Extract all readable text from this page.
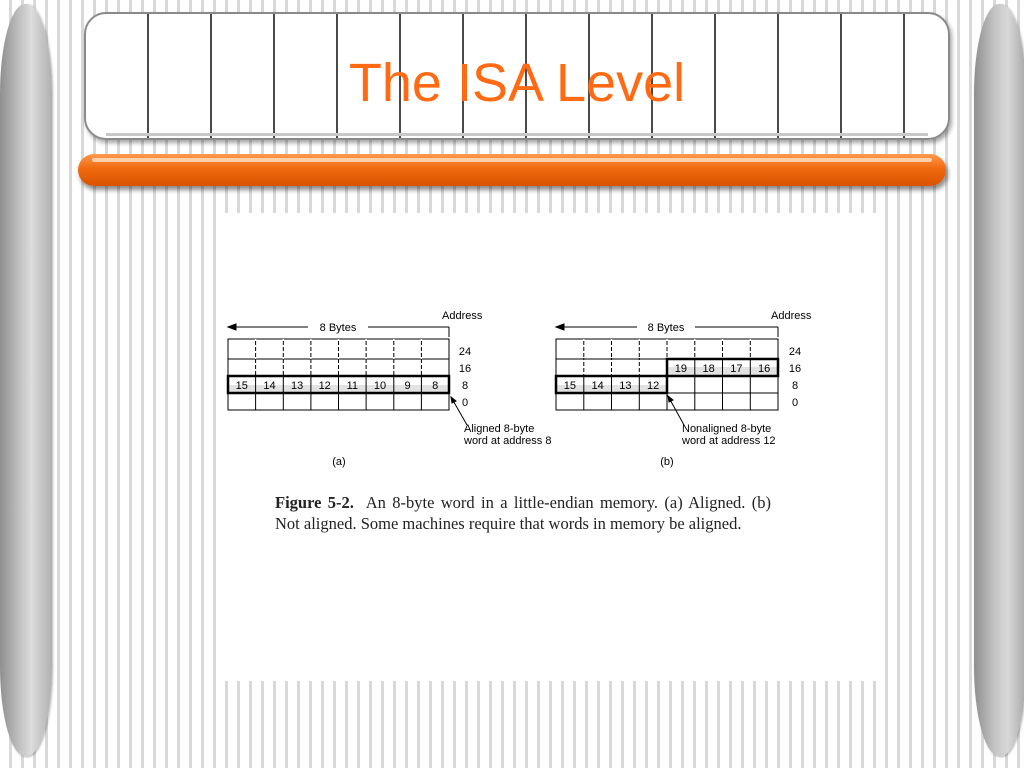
The ISA Level
8 Bytes
Address
15 14 13 12 11 10 9 8
24
16
8
0
Aligned 8-byte
word at address 8
(a)
8 Bytes
Address
19 18 17 16
15 14 13 12
24
16
8
0
Nonaligned 8-byte
word at address 12
(b)
Figure 5-2. An 8-byte word in a little-endian memory. (a) Aligned. (b) Not aligned. Some machines require that words in memory be aligned.
